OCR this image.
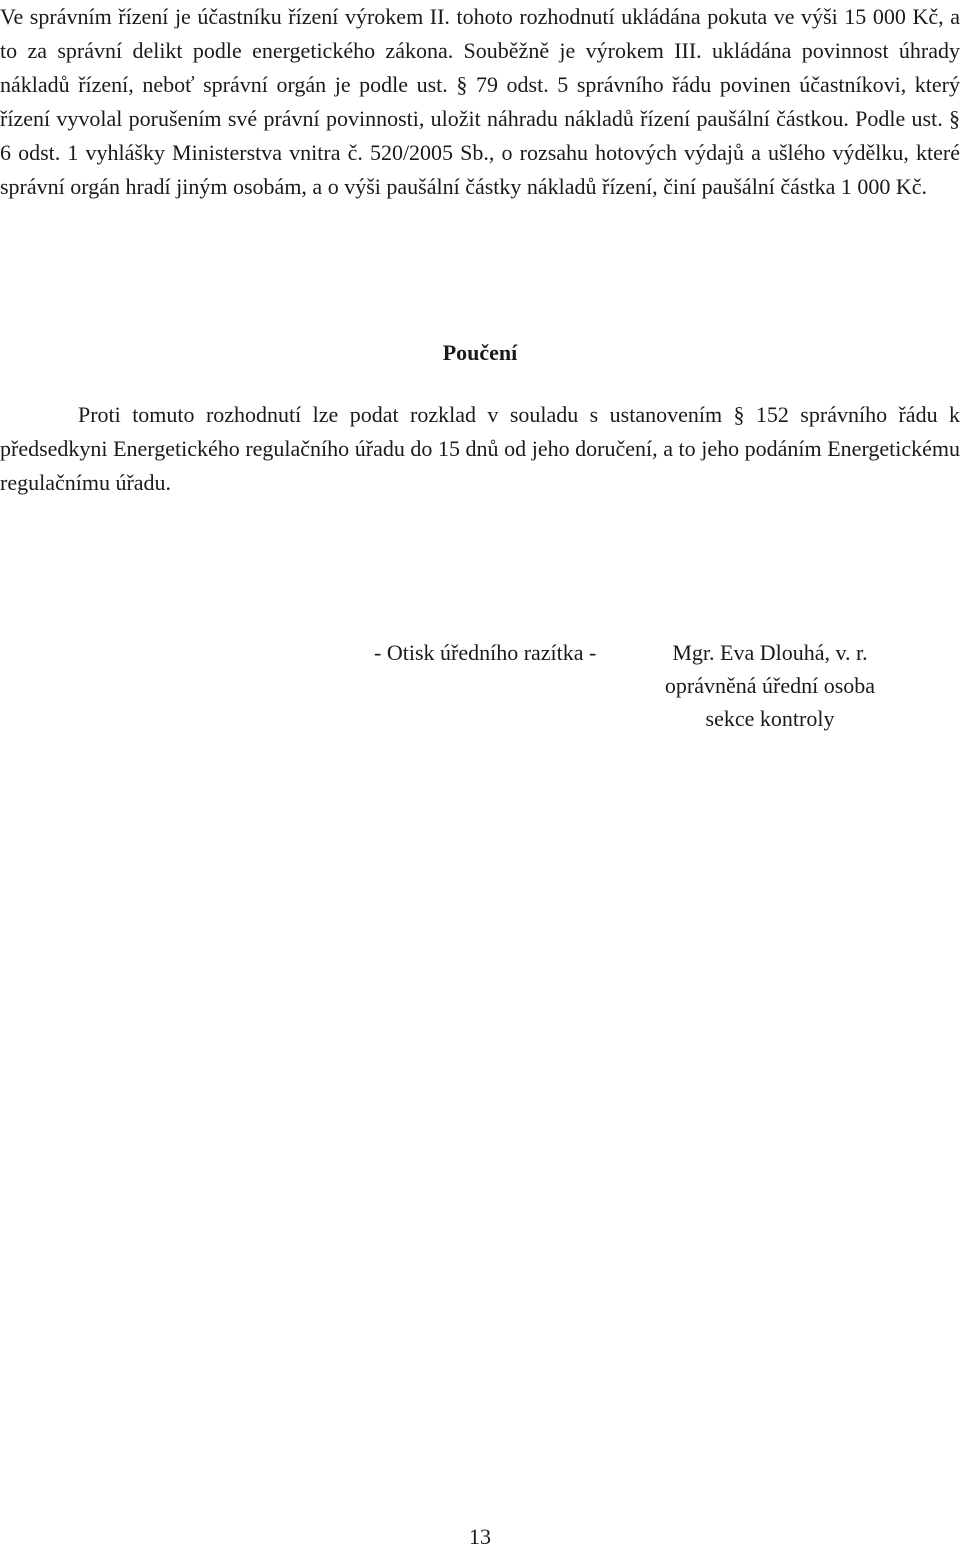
Ve správním řízení je účastníku řízení výrokem II. tohoto rozhodnutí ukládána pokuta ve výši 15 000 Kč, a to za správní delikt podle energetického zákona. Souběžně je výrokem III. ukládána povinnost úhrady nákladů řízení, neboť správní orgán je podle ust. § 79 odst. 5 správního řádu povinen účastníkovi, který řízení vyvolal porušením své právní povinnosti, uložit náhradu nákladů řízení paušální částkou. Podle ust. § 6 odst. 1 vyhlášky Ministerstva vnitra č. 520/2005 Sb., o rozsahu hotových výdajů a ušlého výdělku, které správní orgán hradí jiným osobám, a o výši paušální částky nákladů řízení, činí paušální částka 1 000 Kč.

Poučení

Proti tomuto rozhodnutí lze podat rozklad v souladu s ustanovením § 152 správního řádu k předsedkyni Energetického regulačního úřadu do 15 dnů od jeho doručení, a to jeho podáním Energetickému regulačnímu úřadu.

- Otisk úředního razítka -	Mgr. Eva Dlouhá, v. r.
oprávněná úřední osoba
sekce kontroly
13
